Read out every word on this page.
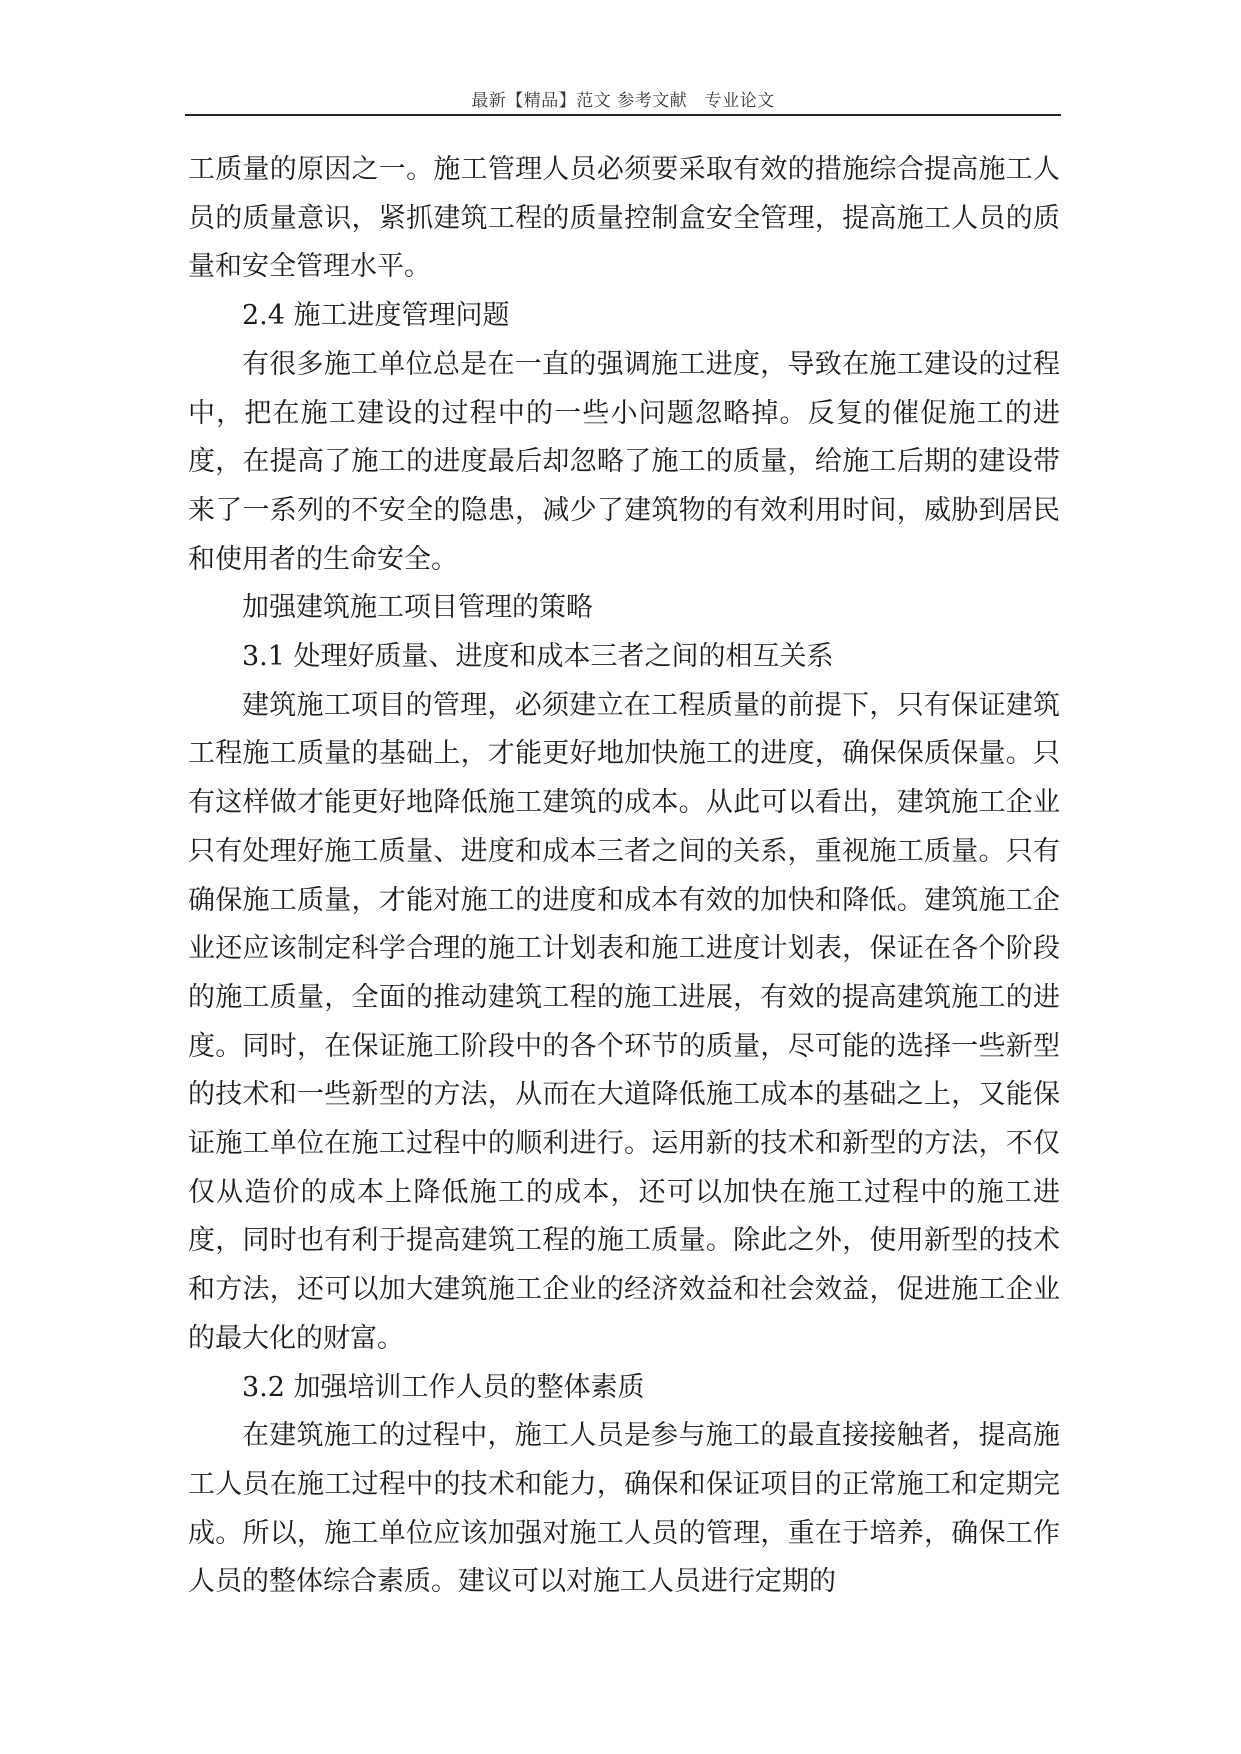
最新【精品】范文 参考文献　专业论文

工质量的原因之一。施工管理人员必须要采取有效的措施综合提高施工人员的质量意识，紧抓建筑工程的质量控制盒安全管理，提高施工人员的质量和安全管理水平。

2.4 施工进度管理问题

有很多施工单位总是在一直的强调施工进度，导致在施工建设的过程中，把在施工建设的过程中的一些小问题忽略掉。反复的催促施工的进度，在提高了施工的进度最后却忽略了施工的质量，给施工后期的建设带来了一系列的不安全的隐患，减少了建筑物的有效利用时间，威胁到居民和使用者的生命安全。

加强建筑施工项目管理的策略

3.1 处理好质量、进度和成本三者之间的相互关系

建筑施工项目的管理，必须建立在工程质量的前提下，只有保证建筑工程施工质量的基础上，才能更好地加快施工的进度，确保保质保量。只有这样做才能更好地降低施工建筑的成本。从此可以看出，建筑施工企业只有处理好施工质量、进度和成本三者之间的关系，重视施工质量。只有确保施工质量，才能对施工的进度和成本有效的加快和降低。建筑施工企业还应该制定科学合理的施工计划表和施工进度计划表，保证在各个阶段的施工质量，全面的推动建筑工程的施工进展，有效的提高建筑施工的进度。同时，在保证施工阶段中的各个环节的质量，尽可能的选择一些新型的技术和一些新型的方法，从而在大道降低施工成本的基础之上，又能保证施工单位在施工过程中的顺利进行。运用新的技术和新型的方法，不仅仅从造价的成本上降低施工的成本，还可以加快在施工过程中的施工进度，同时也有利于提高建筑工程的施工质量。除此之外，使用新型的技术和方法，还可以加大建筑施工企业的经济效益和社会效益，促进施工企业的最大化的财富。

3.2 加强培训工作人员的整体素质

在建筑施工的过程中，施工人员是参与施工的最直接接触者，提高施工人员在施工过程中的技术和能力，确保和保证项目的正常施工和定期完成。所以，施工单位应该加强对施工人员的管理，重在于培养，确保工作人员的整体综合素质。建议可以对施工人员进行定期的
